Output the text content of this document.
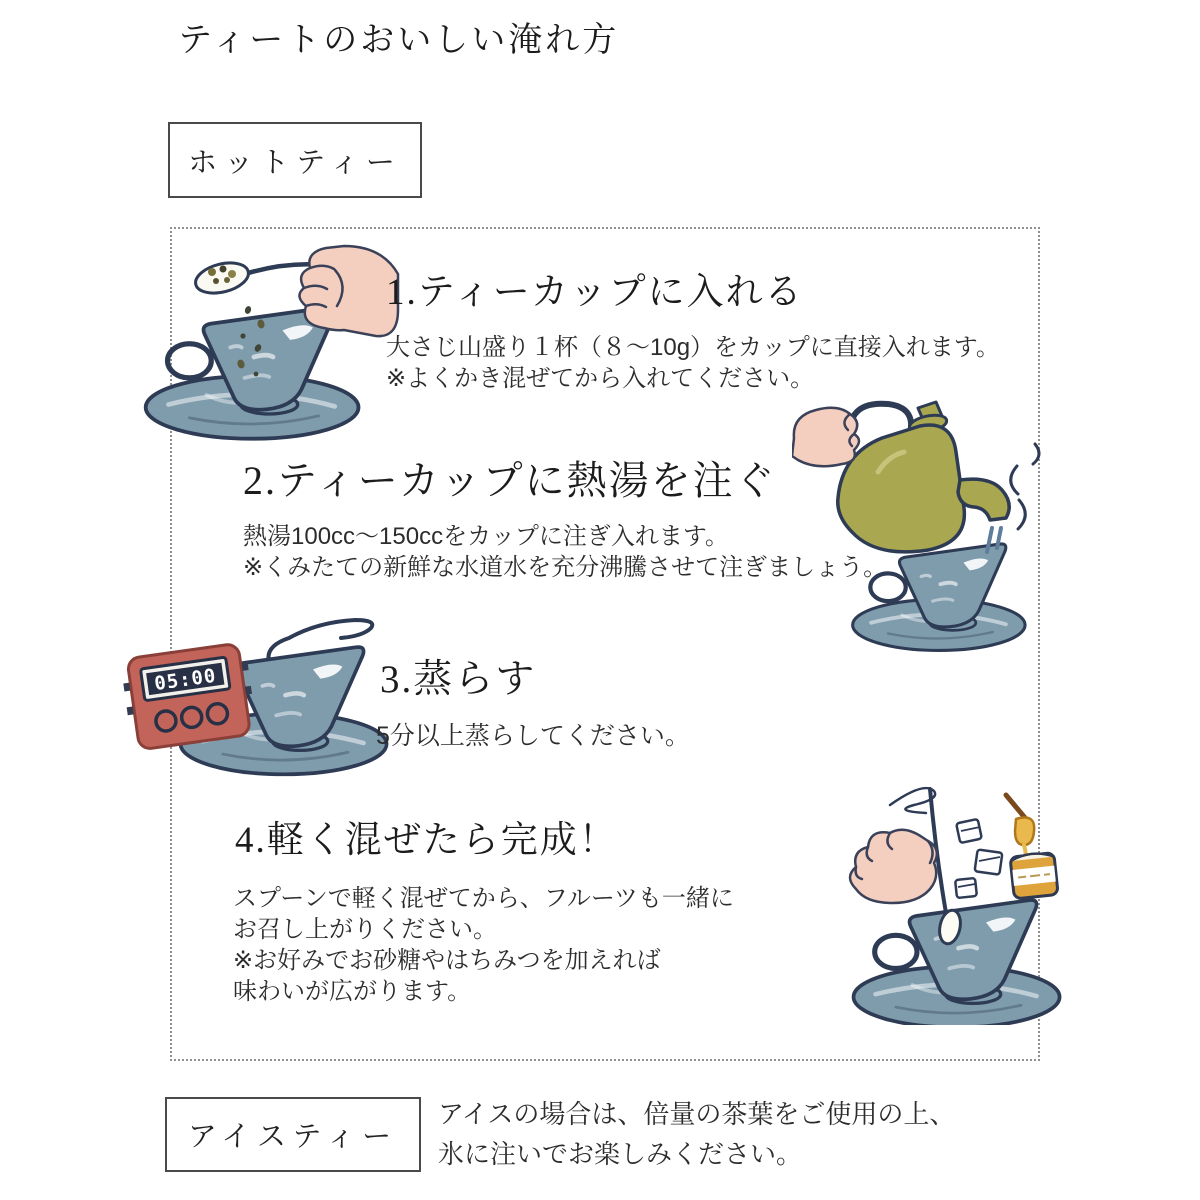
ティートのおいしい淹れ方
ホットティー
1.ティーカップに入れる

大さじ山盛り１杯（８～10g）をカップに直接入れます。

※よくかき混ぜてから入れてください。

2.ティーカップに熱湯を注ぐ

熱湯100cc～150ccをカップに注ぎ入れます。

※くみたての新鮮な水道水を充分沸騰させて注ぎましょう。

05:00	3.蒸らす

5分以上蒸らしてください。

4.軽く混ぜたら完成！

スプーンで軽く混ぜてから、フルーツも一緒に

お召し上がりください。

※お好みでお砂糖やはちみつを加えれば

味わいが広がります。

アイスティー

アイスの場合は、倍量の茶葉をご使用の上、

氷に注いでお楽しみください。
